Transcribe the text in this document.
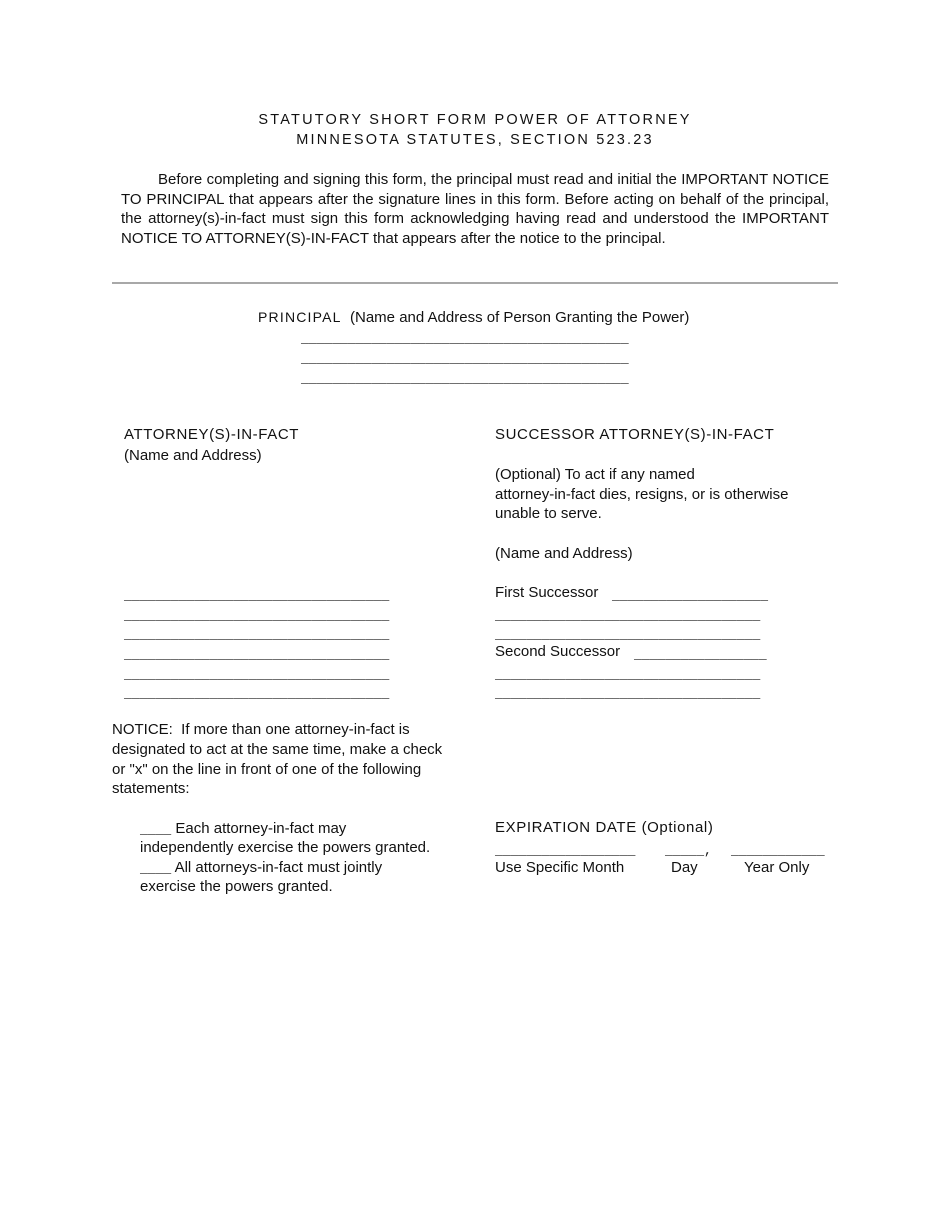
STATUTORY SHORT FORM POWER OF ATTORNEY
MINNESOTA STATUTES, SECTION 523.23

Before completing and signing this form, the principal must read and initial the IMPORTANT NOTICE TO PRINCIPAL that appears after the signature lines in this form. Before acting on behalf of the principal, the attorney(s)-in-fact must sign this form acknowledging having read and understood the IMPORTANT NOTICE TO ATTORNEY(S)-IN-FACT that appears after the notice to the principal.

PRINCIPAL (Name and Address of Person Granting the Power)
__________________________________________
__________________________________________
__________________________________________
ATTORNEY(S)-IN-FACT
(Name and Address)
__________________________________
__________________________________
__________________________________
__________________________________
__________________________________
__________________________________
SUCCESSOR ATTORNEY(S)-IN-FACT
(Optional) To act if any named
attorney-in-fact dies, resigns, or is otherwise
unable to serve.
(Name and Address)
First Successor ____________________
__________________________________
__________________________________
Second Successor _________________
__________________________________
__________________________________
NOTICE:  If more than one attorney-in-fact is
designated to act at the same time, make a check
or "x" on the line in front of one of the following
statements:
____ Each attorney-in-fact may
independently exercise the powers granted.
____ All attorneys-in-fact must jointly
exercise the powers granted.
EXPIRATION DATE (Optional)
__________________ _____, ____________
Use Specific Month	Day	Year Only
